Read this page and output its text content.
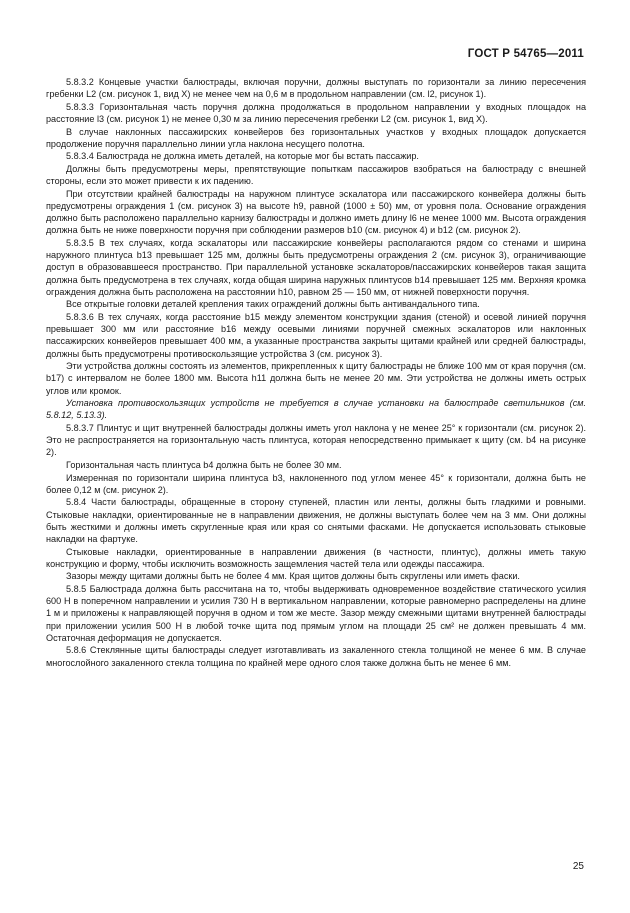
ГОСТ Р 54765—2011

5.8.3.2 Концевые участки балюстрады, включая поручни, должны выступать по горизонтали за линию пересечения гребенки L2 (см. рисунок 1, вид Х) не менее чем на 0,6 м в продольном направлении (см. l2, рисунок 1).

5.8.3.3 Горизонтальная часть поручня должна продолжаться в продольном направлении у входных площадок на расстояние l3 (см. рисунок 1) не менее 0,30 м за линию пересечения гребенки L2 (см. рисунок 1, вид Х).

В случае наклонных пассажирских конвейеров без горизонтальных участков у входных площадок допускается продолжение поручня параллельно линии угла наклона несущего полотна.

5.8.3.4 Балюстрада не должна иметь деталей, на которые мог бы встать пассажир.

Должны быть предусмотрены меры, препятствующие попыткам пассажиров взобраться на балюстраду с внешней стороны, если это может привести к их падению.

При отсутствии крайней балюстрады на наружном плинтусе эскалатора или пассажирского конвейера должны быть предусмотрены ограждения 1 (см. рисунок 3) на высоте h9, равной (1000 ± 50) мм, от уровня пола. Основание ограждения должно быть расположено параллельно карнизу балюстрады и должно иметь длину l6 не менее 1000 мм. Высота ограждения должна быть не ниже поверхности поручня при соблюдении размеров b10 (см. рисунок 4) и b12 (см. рисунок 2).

5.8.3.5 В тех случаях, когда эскалаторы или пассажирские конвейеры располагаются рядом со стенами и ширина наружного плинтуса b13 превышает 125 мм, должны быть предусмотрены ограждения 2 (см. рисунок 3), ограничивающие доступ в образовавшееся пространство. При параллельной установке эскалаторов/пассажирских конвейеров такая защита должна быть предусмотрена в тех случаях, когда общая ширина наружных плинтусов b14 превышает 125 мм. Верхняя кромка ограждения должна быть расположена на расстоянии h10, равном 25 — 150 мм, от нижней поверхности поручня.

Все открытые головки деталей крепления таких ограждений должны быть антивандального типа.

5.8.3.6 В тех случаях, когда расстояние b15 между элементом конструкции здания (стеной) и осевой линией поручня превышает 300 мм или расстояние b16 между осевыми линиями поручней смежных эскалаторов или наклонных пассажирских конвейеров превышает 400 мм, а указанные пространства закрыты щитами крайней или средней балюстрады, должны быть предусмотрены противоскользящие устройства 3 (см. рисунок 3).

Эти устройства должны состоять из элементов, прикрепленных к щиту балюстрады не ближе 100 мм от края поручня (см. b17) с интервалом не более 1800 мм. Высота h11 должна быть не менее 20 мм. Эти устройства не должны иметь острых углов или кромок.

Установка противоскользящих устройств не требуется в случае установки на балюстраде светильников (см. 5.8.12, 5.13.3).

5.8.3.7 Плинтус и щит внутренней балюстрады должны иметь угол наклона γ не менее 25° к горизонтали (см. рисунок 2). Это не распространяется на горизонтальную часть плинтуса, которая непосредственно примыкает к щиту (см. b4 на рисунке 2).

Горизонтальная часть плинтуса b4 должна быть не более 30 мм.

Измеренная по горизонтали ширина плинтуса b3, наклоненного под углом менее 45° к горизонтали, должна быть не более 0,12 м (см. рисунок 2).

5.8.4 Части балюстрады, обращенные в сторону ступеней, пластин или ленты, должны быть гладкими и ровными. Стыковые накладки, ориентированные не в направлении движения, не должны выступать более чем на 3 мм. Они должны быть жесткими и должны иметь скругленные края или края со снятыми фасками. Не допускается использовать стыковые накладки на фартуке.

Стыковые накладки, ориентированные в направлении движения (в частности, плинтус), должны иметь такую конструкцию и форму, чтобы исключить возможность защемления частей тела или одежды пассажира.

Зазоры между щитами должны быть не более 4 мм. Края щитов должны быть скруглены или иметь фаски.

5.8.5 Балюстрада должна быть рассчитана на то, чтобы выдерживать одновременное воздействие статического усилия 600 Н в поперечном направлении и усилия 730 Н в вертикальном направлении, которые равномерно распределены на длине 1 м и приложены к направляющей поручня в одном и том же месте. Зазор между смежными щитами внутренней балюстрады при приложении усилия 500 Н в любой точке щита под прямым углом на площади 25 см² не должен превышать 4 мм. Остаточная деформация не допускается.

5.8.6 Стеклянные щиты балюстрады следует изготавливать из закаленного стекла толщиной не менее 6 мм. В случае многослойного закаленного стекла толщина по крайней мере одного слоя также должна быть не менее 6 мм.

25
